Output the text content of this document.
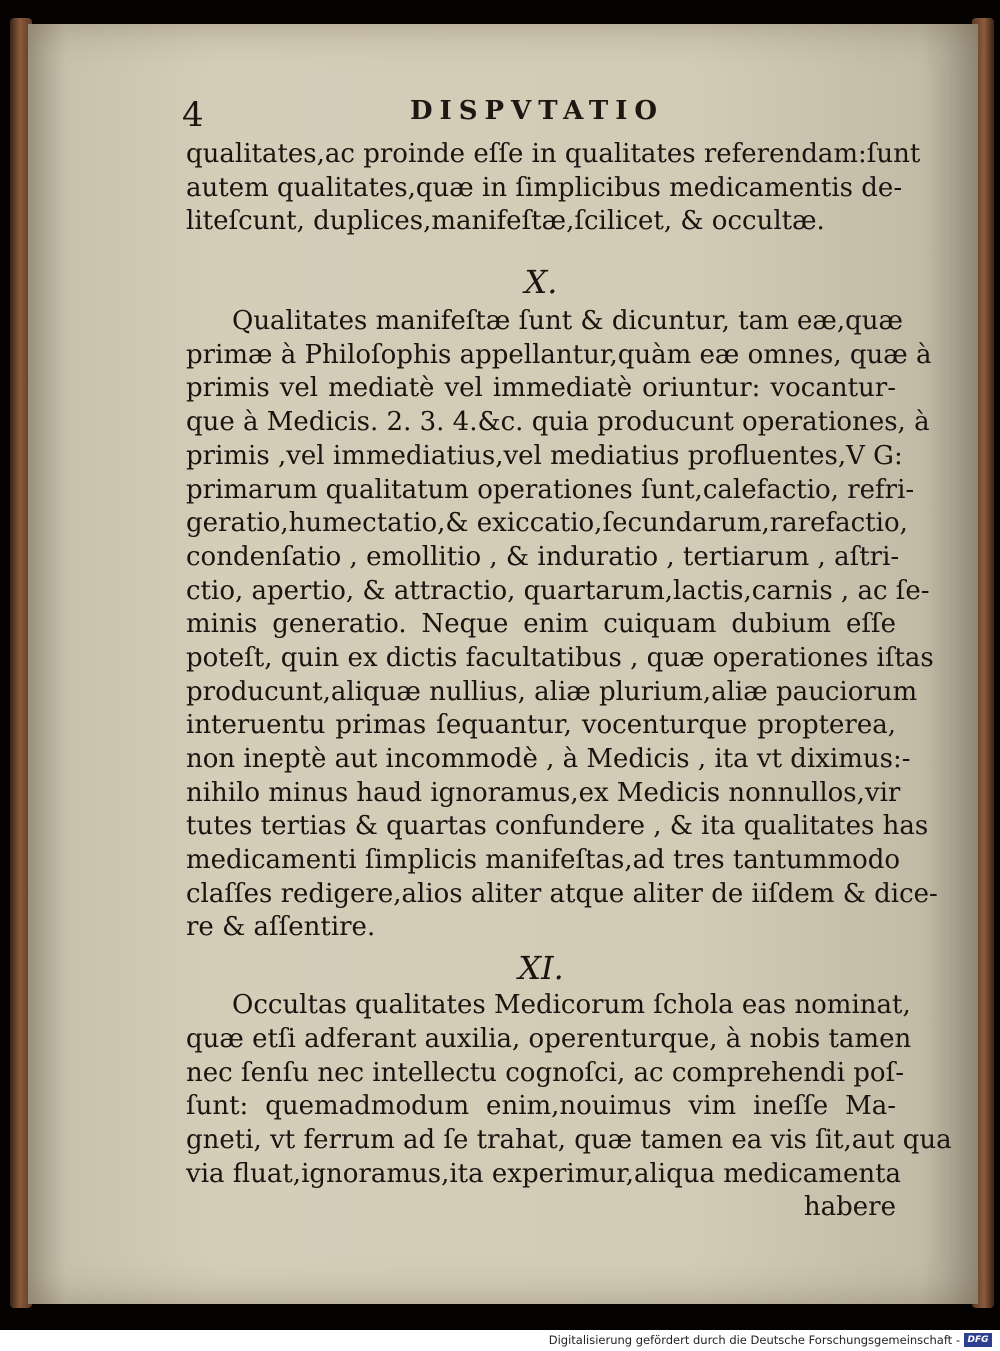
4	DISPVTATIO
qualitates,ac proinde eſſe in qualitates referendam:ſunt
autem qualitates,quæ in ſimplicibus medicamentis de-
liteſcunt, duplices,manifeſtæ,ſcilicet, & occultæ.
X.
Qualitates manifeſtæ ſunt & dicuntur, tam eæ,quæ
primæ à Philoſophis appellantur,quàm eæ omnes, quæ à
primis vel mediatè vel immediatè oriuntur: vocantur-
que à Medicis. 2. 3. 4.&c. quia producunt operationes, à
primis ,vel immediatius,vel mediatius profluentes,V G:
primarum qualitatum operationes ſunt,calefactio, refri-
geratio,humectatio,& exiccatio,ſecundarum,rarefactio,
condenſatio , emollitio , & induratio , tertiarum , aſtri-
ctio, apertio, & attractio, quartarum,lactis,carnis , ac ſe-
minis generatio. Neque enim cuiquam dubium eſſe
poteſt, quin ex dictis facultatibus , quæ operationes iſtas
producunt,aliquæ nullius, aliæ plurium,aliæ pauciorum
interuentu primas ſequantur, vocenturque propterea,
non ineptè aut incommodè , à Medicis , ita vt diximus:-
nihilo minus haud ignoramus,ex Medicis nonnullos,vir
tutes tertias & quartas confundere , & ita qualitates has
medicamenti ſimplicis manifeſtas,ad tres tantummodo
claſſes redigere,alios aliter atque aliter de iiſdem & dice-
re & aſſentire.
XI.
Occultas qualitates Medicorum ſchola eas nominat,
quæ etſi adferant auxilia, operenturque, à nobis tamen
nec ſenſu nec intellectu cognoſci, ac comprehendi poſ-
ſunt: quemadmodum enim,nouimus vim ineſſe Ma-
gneti, vt ferrum ad ſe trahat, quæ tamen ea vis ſit,aut qua
via fluat,ignoramus,ita experimur,aliqua medicamenta
habere
Digitalisierung gefördert durch die Deutsche Forschungsgemeinschaft - DFG
